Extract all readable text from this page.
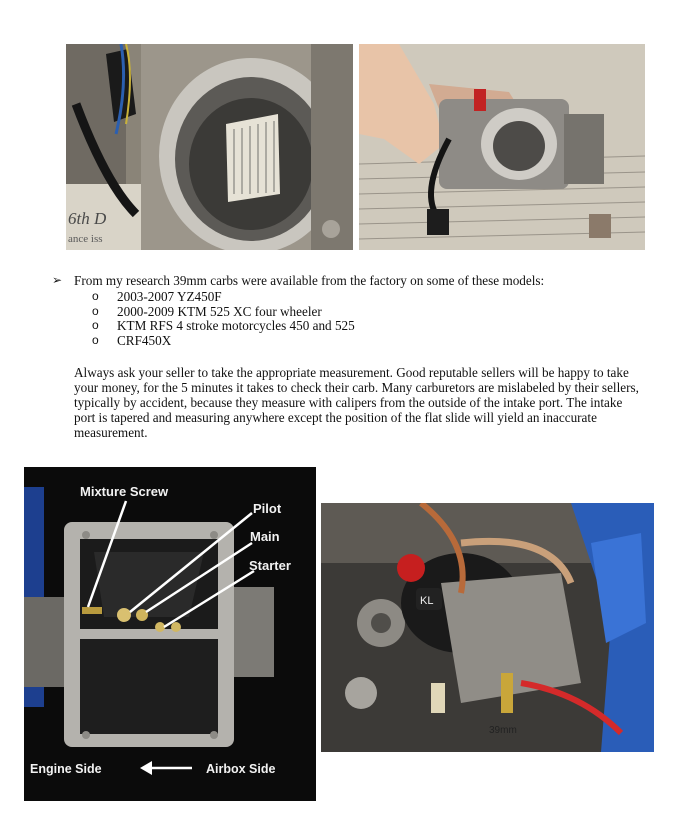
6th D
ance iss
➢ From my research 39mm carbs were available from the factory on some of these models:
o	2003-2007 YZ450F
o	2000-2009 KTM 525 XC four wheeler
o	KTM RFS 4 stroke motorcycles 450 and 525
o	CRF450X
Always ask your seller to take the appropriate measurement. Good reputable sellers will be happy to take your money, for the 5 minutes it takes to check their carb. Many carburetors are mislabeled by their sellers, typically by accident, because they measure with calipers from the outside of the intake port. The intake port is tapered and measuring anywhere except the position of the flat slide will yield an inaccurate measurement.
Mixture Screw
Pilot
Main
Starter
Engine Side	Airbox Side
KL
39mm
